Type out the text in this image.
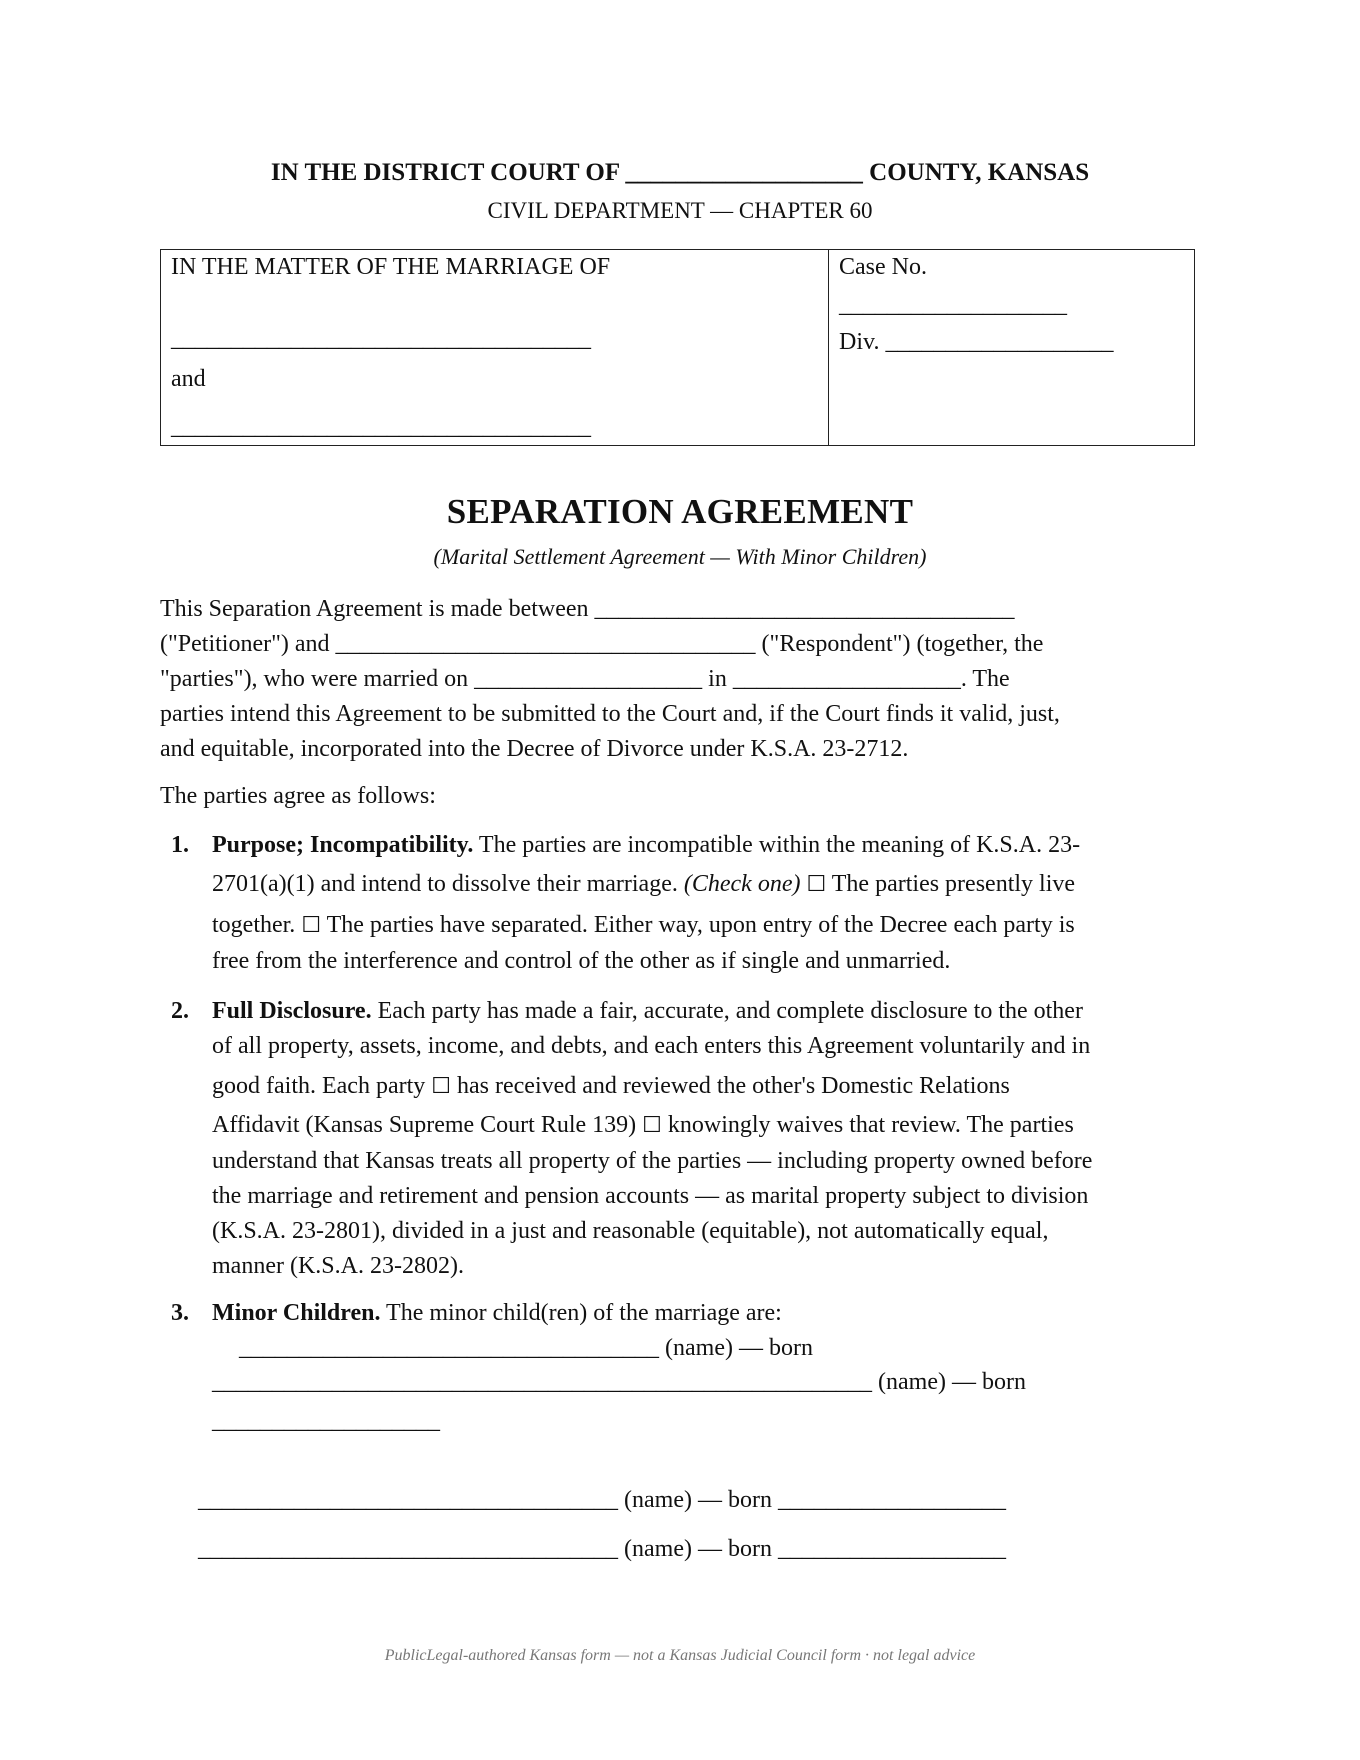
IN THE DISTRICT COURT OF ___________________ COUNTY, KANSAS
CIVIL DEPARTMENT — CHAPTER 60
IN THE MATTER OF THE MARRIAGE OF
___________________________________
and
___________________________________
Case No.
___________________
Div. ___________________
SEPARATION AGREEMENT
(Marital Settlement Agreement — With Minor Children)
This Separation Agreement is made between ___________________________________
("Petitioner") and ___________________________________ ("Respondent") (together, the
"parties"), who were married on ___________________ in ___________________. The
parties intend this Agreement to be submitted to the Court and, if the Court finds it valid, just,
and equitable, incorporated into the Decree of Divorce under K.S.A. 23-2712.
The parties agree as follows:
1. Purpose; Incompatibility. The parties are incompatible within the meaning of K.S.A. 23-
2701(a)(1) and intend to dissolve their marriage. (Check one) ☐ The parties presently live
together. ☐ The parties have separated. Either way, upon entry of the Decree each party is
free from the interference and control of the other as if single and unmarried.
2. Full Disclosure. Each party has made a fair, accurate, and complete disclosure to the other
of all property, assets, income, and debts, and each enters this Agreement voluntarily and in
good faith. Each party ☐ has received and reviewed the other's Domestic Relations
Affidavit (Kansas Supreme Court Rule 139) ☐ knowingly waives that review. The parties
understand that Kansas treats all property of the parties — including property owned before
the marriage and retirement and pension accounts — as marital property subject to division
(K.S.A. 23-2801), divided in a just and reasonable (equitable), not automatically equal,
manner (K.S.A. 23-2802).
3. Minor Children. The minor child(ren) of the marriage are:
___________________________________ (name) — born
_______________________________________________________ (name) — born
___________________
___________________________________ (name) — born ___________________
___________________________________ (name) — born ___________________
PublicLegal-authored Kansas form — not a Kansas Judicial Council form · not legal advice
